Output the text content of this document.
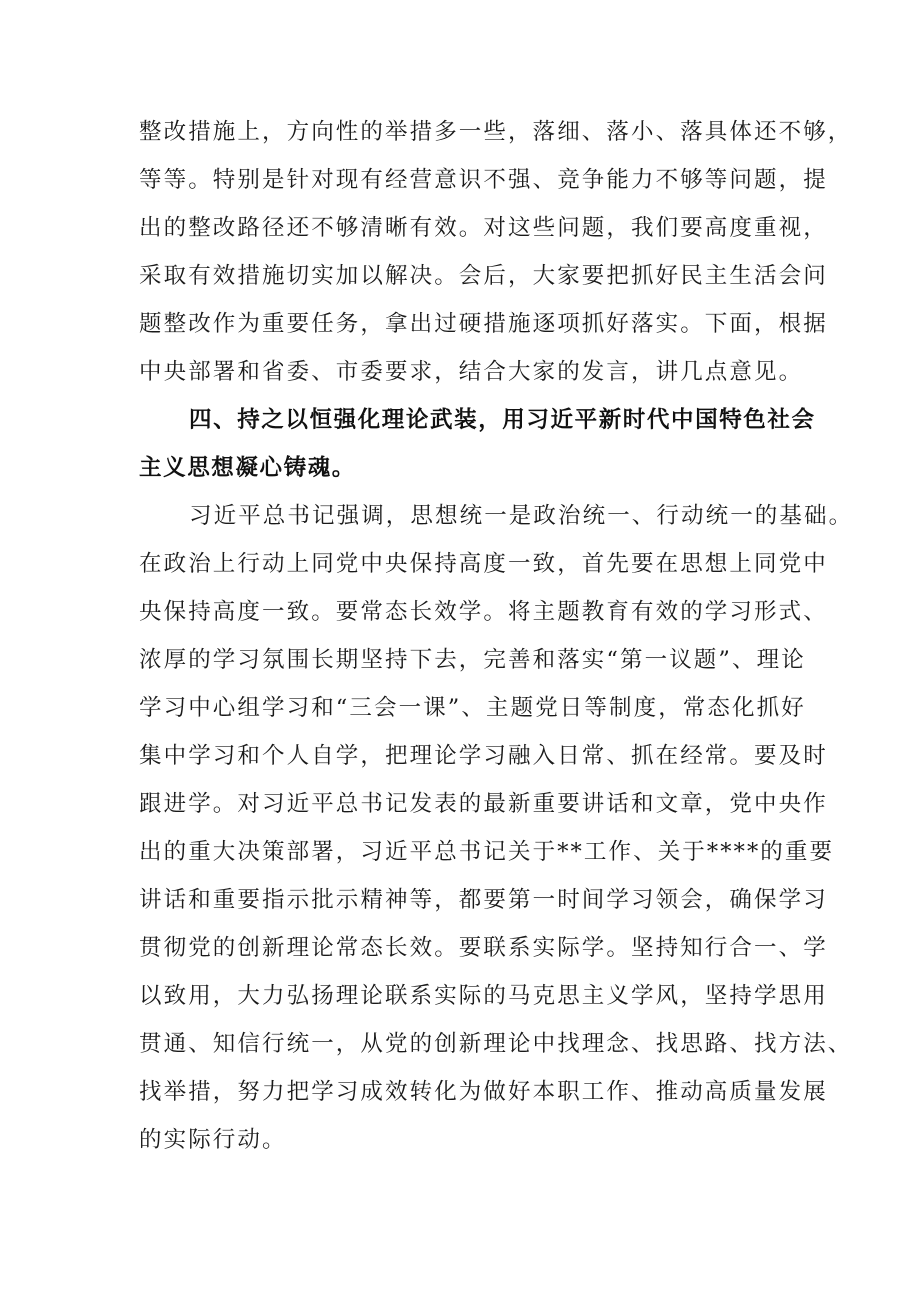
整改措施上，方向性的举措多一些，落细、落小、落具体还不够，
等等。特别是针对现有经营意识不强、竞争能力不够等问题，提
出的整改路径还不够清晰有效。对这些问题，我们要高度重视，
采取有效措施切实加以解决。会后，大家要把抓好民主生活会问
题整改作为重要任务，拿出过硬措施逐项抓好落实。下面，根据
中央部署和省委、市委要求，结合大家的发言，讲几点意见。
四、持之以恒强化理论武装，用习近平新时代中国特色社会
主义思想凝心铸魂。
习近平总书记强调，思想统一是政治统一、行动统一的基础。
在政治上行动上同党中央保持高度一致，首先要在思想上同党中
央保持高度一致。要常态长效学。将主题教育有效的学习形式、
浓厚的学习氛围长期坚持下去，完善和落实“第一议题”、理论
学习中心组学习和“三会一课”、主题党日等制度，常态化抓好
集中学习和个人自学，把理论学习融入日常、抓在经常。要及时
跟进学。对习近平总书记发表的最新重要讲话和文章，党中央作
出的重大决策部署，习近平总书记关于**工作、关于****的重要
讲话和重要指示批示精神等，都要第一时间学习领会，确保学习
贯彻党的创新理论常态长效。要联系实际学。坚持知行合一、学
以致用，大力弘扬理论联系实际的马克思主义学风，坚持学思用
贯通、知信行统一，从党的创新理论中找理念、找思路、找方法、
找举措，努力把学习成效转化为做好本职工作、推动高质量发展
的实际行动。
